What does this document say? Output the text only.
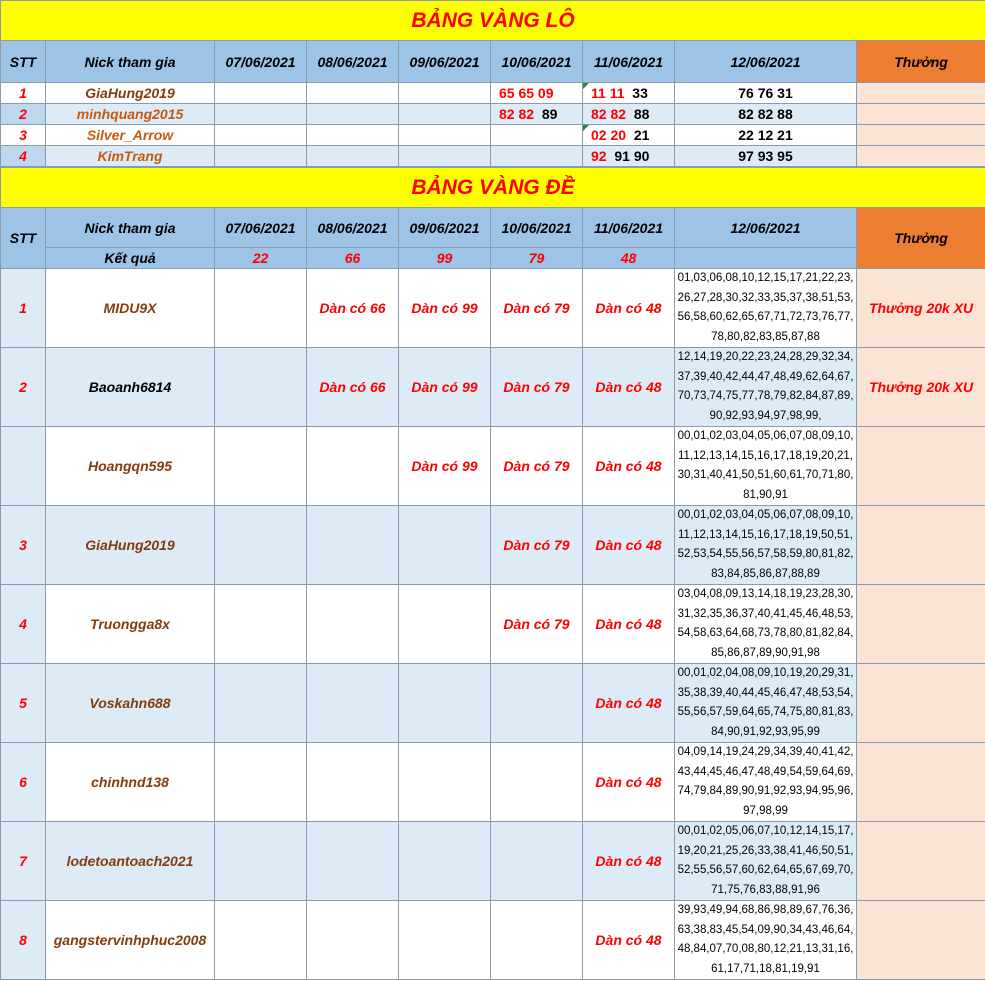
BẢNG VÀNG LÔ								
STT	Nick tham gia	07/06/2021	08/06/2021	09/06/2021	10/06/2021	11/06/2021	12/06/2021	Thưởng
1	GiaHung2019				65 65 09	11 11 33	76 76 31	
2	minhquang2015				82 82 89	82 82 88	82 82 88	
3	Silver_Arrow					02 20 21	22 12 21	
4	KimTrang					92 91 90	97 93 95	
BẢNG VÀNG ĐỀ								
STT	Nick tham gia	07/06/2021	08/06/2021	09/06/2021	10/06/2021	11/06/2021	12/06/2021	Thưởng
	Kết quả	22	66	99	79	48		
1	MIDU9X		Dàn có 66	Dàn có 99	Dàn có 79	Dàn có 48	01,03,06,08,10,12,15,17,21,22,23,26,27,28,30,32,33,35,37,38,51,53,56,58,60,62,65,67,71,72,73,76,77,78,80,82,83,85,87,88	Thưởng 20k XU
2	Baoanh6814		Dàn có 66	Dàn có 99	Dàn có 79	Dàn có 48	12,14,19,20,22,23,24,28,29,32,34,37,39,40,42,44,47,48,49,62,64,67,70,73,74,75,77,78,79,82,84,87,89,90,92,93,94,97,98,99,	Thưởng 20k XU
	Hoangqn595			Dàn có 99	Dàn có 79	Dàn có 48	00,01,02,03,04,05,06,07,08,09,10,11,12,13,14,15,16,17,18,19,20,21,30,31,40,41,50,51,60,61,70,71,80,81,90,91	
3	GiaHung2019				Dàn có 79	Dàn có 48	00,01,02,03,04,05,06,07,08,09,10,11,12,13,14,15,16,17,18,19,50,51,52,53,54,55,56,57,58,59,80,81,82,83,84,85,86,87,88,89	
4	Truongga8x				Dàn có 79	Dàn có 48	03,04,08,09,13,14,18,19,23,28,30,31,32,35,36,37,40,41,45,46,48,53,54,58,63,64,68,73,78,80,81,82,84,85,86,87,89,90,91,98	
5	Voskahn688					Dàn có 48	00,01,02,04,08,09,10,19,20,29,31,35,38,39,40,44,45,46,47,48,53,54,55,56,57,59,64,65,74,75,80,81,83,84,90,91,92,93,95,99	
6	chinhnd138					Dàn có 48	04,09,14,19,24,29,34,39,40,41,42,43,44,45,46,47,48,49,54,59,64,69,74,79,84,89,90,91,92,93,94,95,96,97,98,99	
7	lodetoantoach2021					Dàn có 48	00,01,02,05,06,07,10,12,14,15,17,19,20,21,25,26,33,38,41,46,50,51,52,55,56,57,60,62,64,65,67,69,70,71,75,76,83,88,91,96	
8	gangstervinhphuc2008					Dàn có 48	39,93,49,94,68,86,98,89,67,76,36,63,38,83,45,54,09,90,34,43,46,64,48,84,07,70,08,80,12,21,13,31,16,61,17,71,18,81,19,91	
